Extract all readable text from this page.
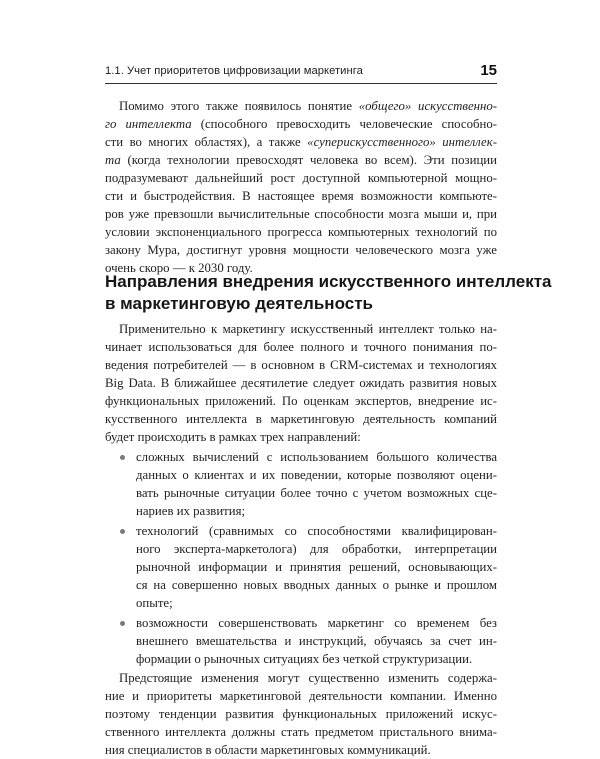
1.1. Учет приоритетов цифровизации маркетинга	15
Помимо этого также появилось понятие «общего» искусственно-
го интеллекта (способного превосходить человеческие способно-
сти во многих областях), а также «суперискусственного» интеллек-
та (когда технологии превосходят человека во всем). Эти позиции
подразумевают дальнейший рост доступной компьютерной мощно-
сти и быстродействия. В настоящее время возможности компьюте-
ров уже превзошли вычислительные способности мозга мыши и, при
условии экспоненциального прогресса компьютерных технологий по
закону Мура, достигнут уровня мощности человеческого мозга уже
очень скоро — к 2030 году.
Направления внедрения искусственного интеллекта
в маркетинговую деятельность
Применительно к маркетингу искусственный интеллект только на-
чинает использоваться для более полного и точного понимания по-
ведения потребителей — в основном в CRM-системах и технологиях
Big Data. В ближайшее десятилетие следует ожидать развития новых
функциональных приложений. По оценкам экспертов, внедрение ис-
кусственного интеллекта в маркетинговую деятельность компаний
будет происходить в рамках трех направлений:
сложных вычислений с использованием большого количества
данных о клиентах и их поведении, которые позволяют оцени-
вать рыночные ситуации более точно с учетом возможных сце-
нариев их развития;
технологий (сравнимых со способностями квалифицирован-
ного эксперта-маркетолога) для обработки, интерпретации
рыночной информации и принятия решений, основывающих-
ся на совершенно новых вводных данных о рынке и прошлом
опыте;
возможности совершенствовать маркетинг со временем без
внешнего вмешательства и инструкций, обучаясь за счет ин-
формации о рыночных ситуациях без четкой структуризации.
Предстоящие изменения могут существенно изменить содержа-
ние и приоритеты маркетинговой деятельности компании. Именно
поэтому тенденции развития функциональных приложений искус-
ственного интеллекта должны стать предметом пристального внима-
ния специалистов в области маркетинговых коммуникаций.
